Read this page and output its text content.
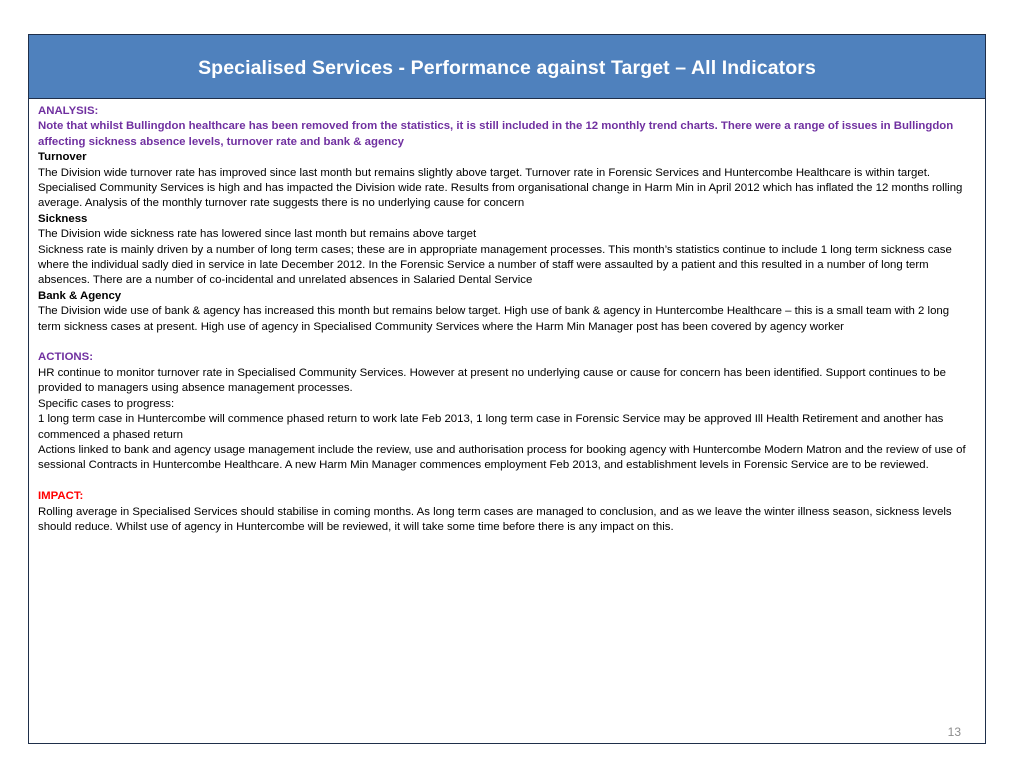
Specialised Services - Performance against Target – All Indicators

ANALYSIS:

Note that whilst Bullingdon healthcare has been removed from the statistics, it is still included in the 12 monthly trend charts. There were a range of issues in Bullingdon affecting sickness absence levels, turnover rate and bank & agency

Turnover

The Division wide turnover rate has improved since last month but remains slightly above target. Turnover rate in Forensic Services and Huntercombe Healthcare is within target. Specialised Community Services is high and has impacted the Division wide rate. Results from organisational change in Harm Min in April 2012 which has inflated the 12 months rolling average. Analysis of the monthly turnover rate suggests there is no underlying cause for concern

Sickness

The Division wide sickness rate has lowered since last month but remains above target

Sickness rate is mainly driven by a number of long term cases; these are in appropriate management processes. This month’s statistics continue to include 1 long term sickness case where the individual sadly died in service in late December 2012. In the Forensic Service a number of staff were assaulted by a patient and this resulted in a number of long term absences. There are a number of co-incidental and unrelated absences in Salaried Dental Service

Bank & Agency

The Division wide use of bank & agency has increased this month but remains below target. High use of bank & agency in Huntercombe Healthcare – this is a small team with 2 long term sickness cases at present. High use of agency in Specialised Community Services where the Harm Min Manager post has been covered by agency worker

ACTIONS:

HR continue to monitor turnover rate in Specialised Community Services. However at present no underlying cause or cause for concern has been identified. Support continues to be provided to managers using absence management processes.

Specific cases to progress:

1 long term case in Huntercombe will commence phased return to work late Feb 2013, 1 long term case in Forensic Service may be approved Ill Health Retirement and another has commenced a phased return

Actions linked to bank and agency usage management include the review, use and authorisation process for booking agency with Huntercombe Modern Matron and the review of use of sessional Contracts in Huntercombe Healthcare. A new Harm Min Manager commences employment Feb 2013, and establishment levels in Forensic Service are to be reviewed.

IMPACT:

Rolling average in Specialised Services should stabilise in coming months. As long term cases are managed to conclusion, and as we leave the winter illness season, sickness levels should reduce. Whilst use of agency in Huntercombe will be reviewed, it will take some time before there is any impact on this.

13
